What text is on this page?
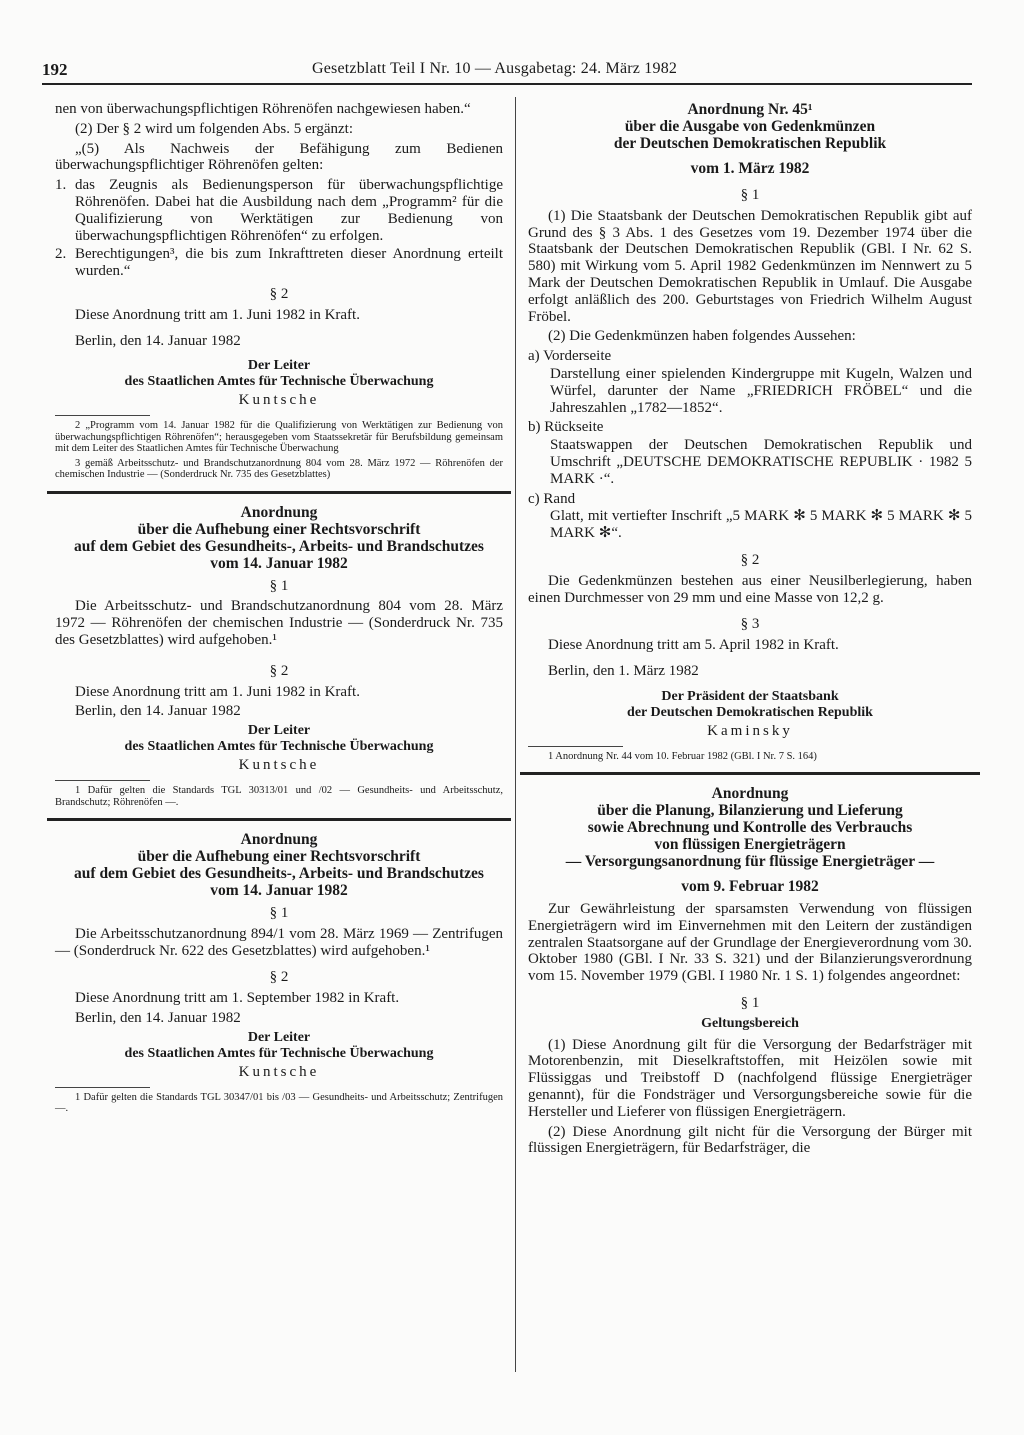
192	Gesetzblatt Teil I Nr. 10 — Ausgabetag: 24. März 1982

nen von überwachungspflichtigen Röhrenöfen nachgewiesen haben.“

(2) Der § 2 wird um folgenden Abs. 5 ergänzt:

„(5) Als Nachweis der Befähigung zum Bedienen überwachungspflichtiger Röhrenöfen gelten:

1. das Zeugnis als Bedienungsperson für überwachungspflichtige Röhrenöfen. Dabei hat die Ausbildung nach dem „Programm² für die Qualifizierung von Werktätigen zur Bedienung von überwachungspflichtigen Röhrenöfen“ zu erfolgen.
2. Berechtigungen³, die bis zum Inkrafttreten dieser Anordnung erteilt wurden.“
§ 2

Diese Anordnung tritt am 1. Juni 1982 in Kraft.

Berlin, den 14. Januar 1982

Der Leiter
des Staatlichen Amtes für Technische Überwachung
Kuntsche

2 „Programm vom 14. Januar 1982 für die Qualifizierung von Werktätigen zur Bedienung von überwachungspflichtigen Röhrenöfen“; herausgegeben vom Staatssekretär für Berufsbildung gemeinsam mit dem Leiter des Staatlichen Amtes für Technische Überwachung

3 gemäß Arbeitsschutz- und Brandschutzanordnung 804 vom 28. März 1972 — Röhrenöfen der chemischen Industrie — (Sonderdruck Nr. 735 des Gesetzblattes)

Anordnung
über die Aufhebung einer Rechtsvorschrift
auf dem Gebiet des Gesundheits-, Arbeits- und Brandschutzes
vom 14. Januar 1982
§ 1

Die Arbeitsschutz- und Brandschutzanordnung 804 vom 28. März 1972 — Röhrenöfen der chemischen Industrie — (Sonderdruck Nr. 735 des Gesetzblattes) wird aufgehoben.¹

§ 2

Diese Anordnung tritt am 1. Juni 1982 in Kraft.

Berlin, den 14. Januar 1982

Der Leiter
des Staatlichen Amtes für Technische Überwachung
Kuntsche

1 Dafür gelten die Standards TGL 30313/01 und /02 — Gesundheits- und Arbeitsschutz, Brandschutz; Röhrenöfen —.

Anordnung
über die Aufhebung einer Rechtsvorschrift
auf dem Gebiet des Gesundheits-, Arbeits- und Brandschutzes
vom 14. Januar 1982
§ 1

Die Arbeitsschutzanordnung 894/1 vom 28. März 1969 — Zentrifugen — (Sonderdruck Nr. 622 des Gesetzblattes) wird aufgehoben.¹

§ 2

Diese Anordnung tritt am 1. September 1982 in Kraft.

Berlin, den 14. Januar 1982

Der Leiter
des Staatlichen Amtes für Technische Überwachung
Kuntsche

1 Dafür gelten die Standards TGL 30347/01 bis /03 — Gesundheits- und Arbeitsschutz; Zentrifugen —.

Anordnung Nr. 45¹
über die Ausgabe von Gedenkmünzen
der Deutschen Demokratischen Republik
vom 1. März 1982
§ 1

(1) Die Staatsbank der Deutschen Demokratischen Republik gibt auf Grund des § 3 Abs. 1 des Gesetzes vom 19. Dezember 1974 über die Staatsbank der Deutschen Demokratischen Republik (GBl. I Nr. 62 S. 580) mit Wirkung vom 5. April 1982 Gedenkmünzen im Nennwert zu 5 Mark der Deutschen Demokratischen Republik in Umlauf. Die Ausgabe erfolgt anläßlich des 200. Geburtstages von Friedrich Wilhelm August Fröbel.

(2) Die Gedenkmünzen haben folgendes Aussehen:

a) Vorderseite
Darstellung einer spielenden Kindergruppe mit Kugeln, Walzen und Würfel, darunter der Name „FRIEDRICH FRÖBEL“ und die Jahreszahlen „1782—1852“.
b) Rückseite
Staatswappen der Deutschen Demokratischen Republik und Umschrift „DEUTSCHE DEMOKRATISCHE REPUBLIK · 1982 5 MARK ·“.
c) Rand
Glatt, mit vertiefter Inschrift „5 MARK ✻ 5 MARK ✻ 5 MARK ✻ 5 MARK ✻“.
§ 2

Die Gedenkmünzen bestehen aus einer Neusilberlegierung, haben einen Durchmesser von 29 mm und eine Masse von 12,2 g.

§ 3

Diese Anordnung tritt am 5. April 1982 in Kraft.

Berlin, den 1. März 1982

Der Präsident der Staatsbank
der Deutschen Demokratischen Republik
Kaminsky

1 Anordnung Nr. 44 vom 10. Februar 1982 (GBl. I Nr. 7 S. 164)

Anordnung
über die Planung, Bilanzierung und Lieferung
sowie Abrechnung und Kontrolle des Verbrauchs
von flüssigen Energieträgern
— Versorgungsanordnung für flüssige Energieträger —
vom 9. Februar 1982

Zur Gewährleistung der sparsamsten Verwendung von flüssigen Energieträgern wird im Einvernehmen mit den Leitern der zuständigen zentralen Staatsorgane auf der Grundlage der Energieverordnung vom 30. Oktober 1980 (GBl. I Nr. 33 S. 321) und der Bilanzierungsverordnung vom 15. November 1979 (GBl. I 1980 Nr. 1 S. 1) folgendes angeordnet:

§ 1
Geltungsbereich

(1) Diese Anordnung gilt für die Versorgung der Bedarfsträger mit Motorenbenzin, mit Dieselkraftstoffen, mit Heizölen sowie mit Flüssiggas und Treibstoff D (nachfolgend flüssige Energieträger genannt), für die Fondsträger und Versorgungsbereiche sowie für die Hersteller und Lieferer von flüssigen Energieträgern.

(2) Diese Anordnung gilt nicht für die Versorgung der Bürger mit flüssigen Energieträgern, für Bedarfsträger, die
